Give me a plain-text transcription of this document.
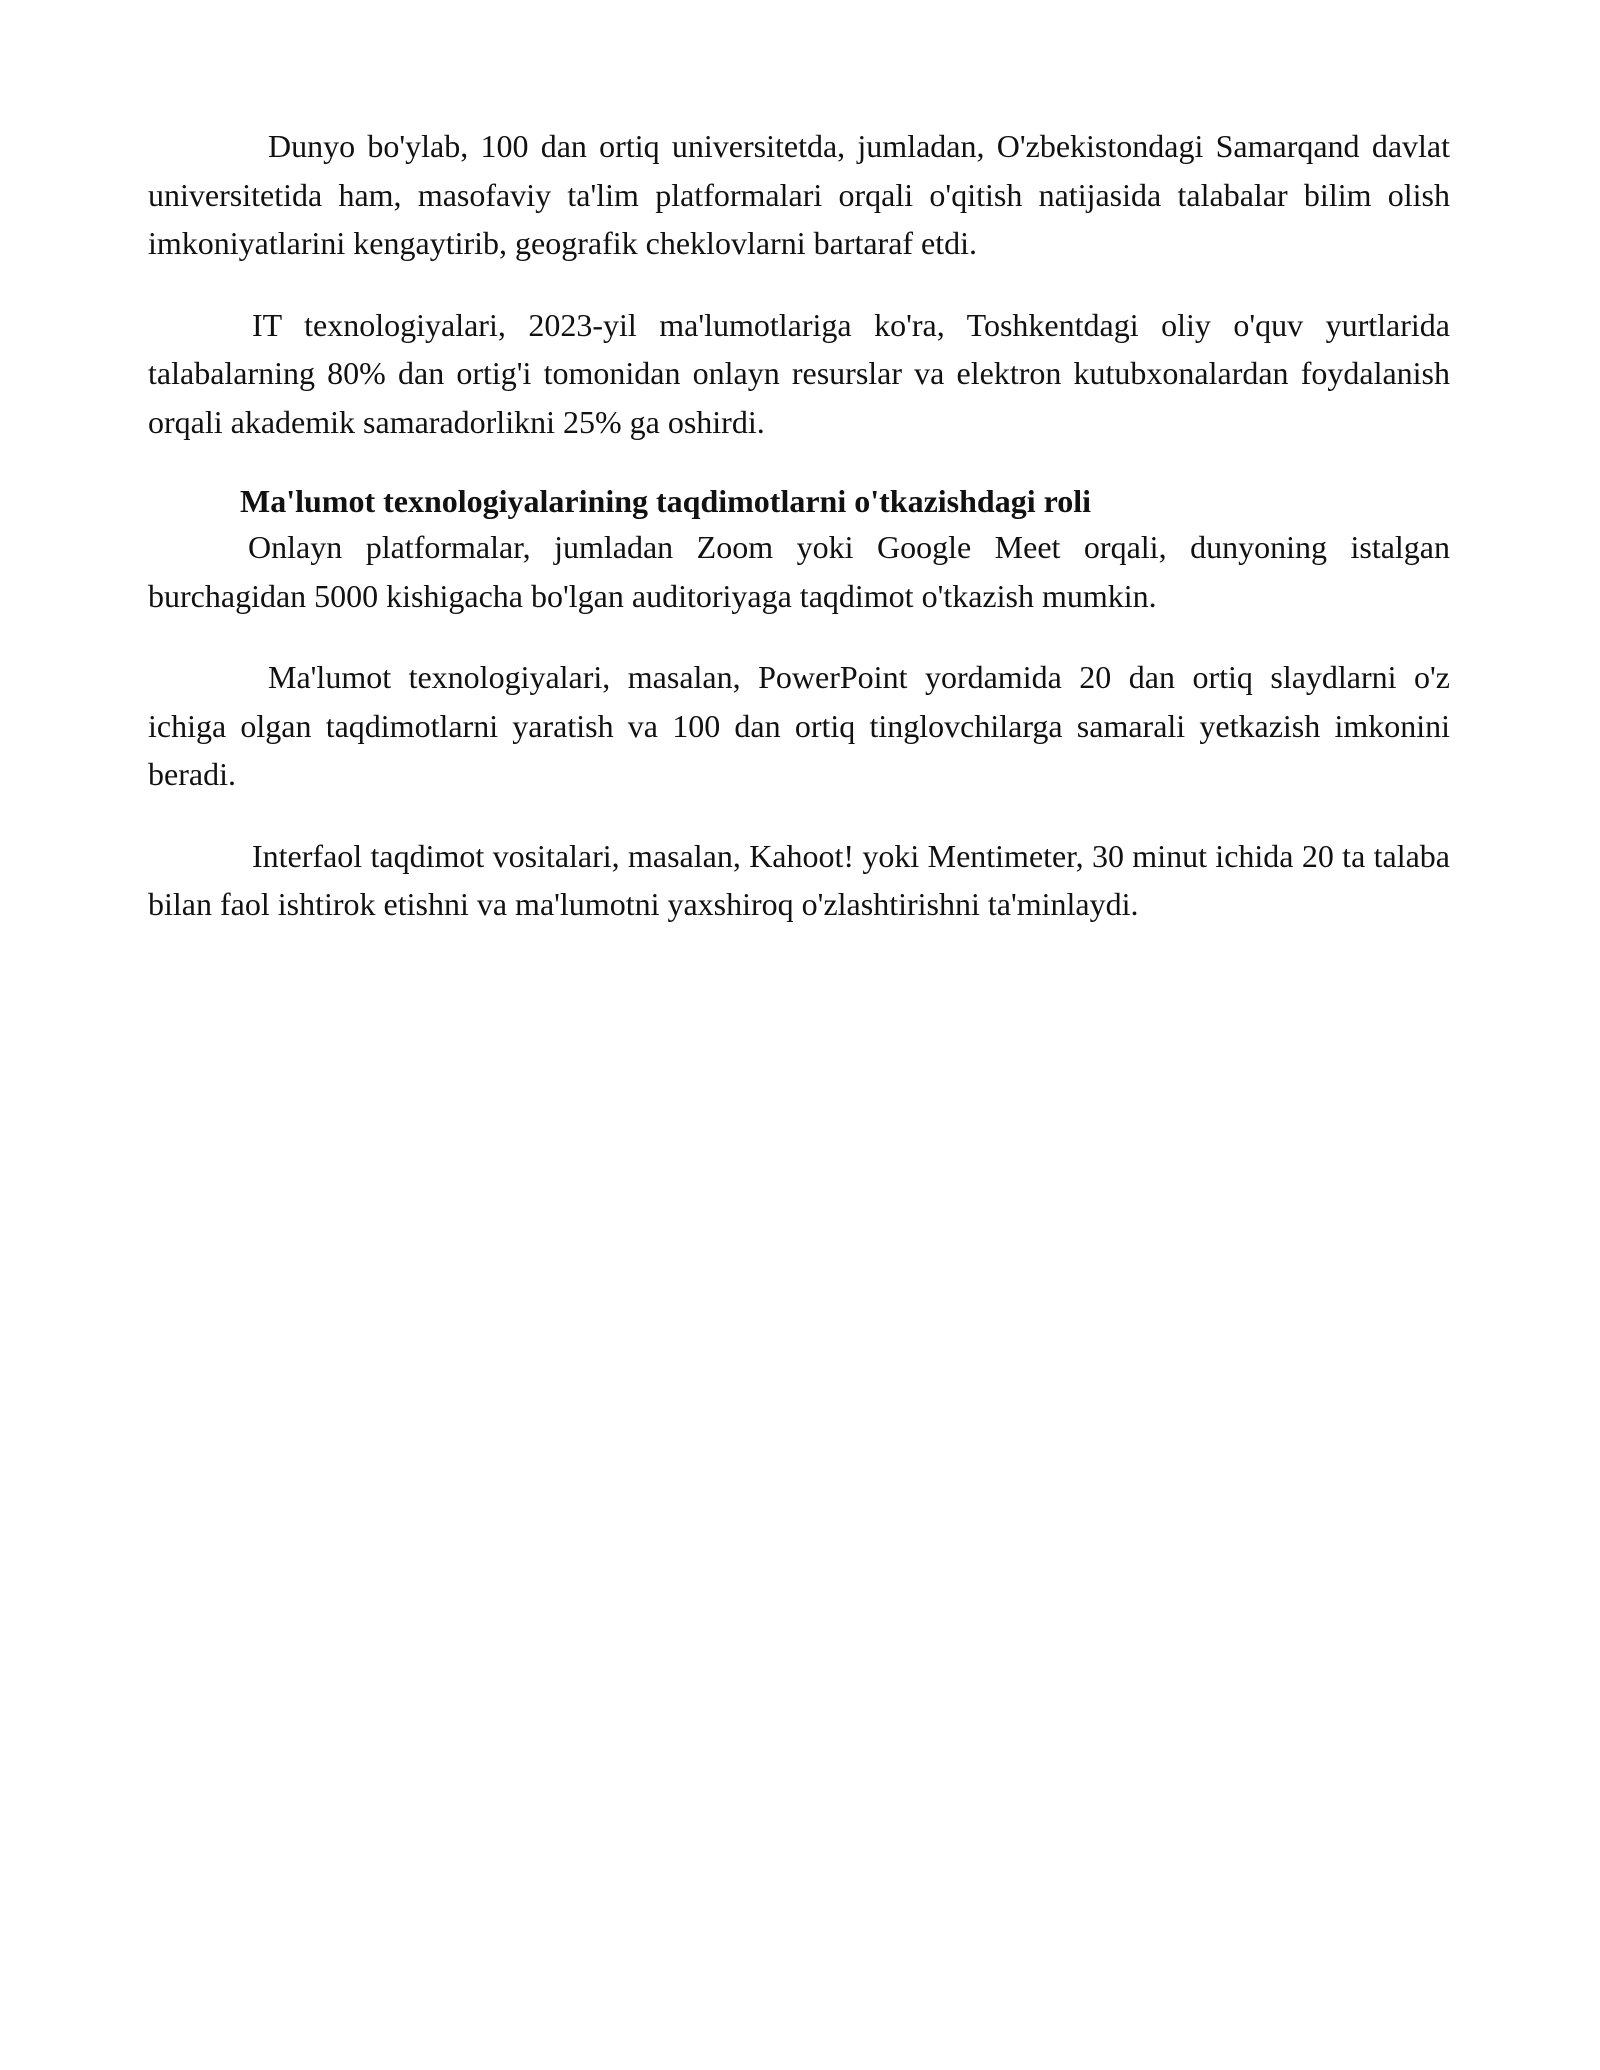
Dunyo bo'ylab, 100 dan ortiq universitetda, jumladan, O'zbekistondagi Samarqand davlat universitetida ham, masofaviy ta'lim platformalari orqali o'qitish natijasida talabalar bilim olish imkoniyatlarini kengaytirib, geografik cheklovlarni bartaraf etdi.

IT texnologiyalari, 2023-yil ma'lumotlariga ko'ra, Toshkentdagi oliy o'quv yurtlarida talabalarning 80% dan ortig'i tomonidan onlayn resurslar va elektron kutubxonalardan foydalanish orqali akademik samaradorlikni 25% ga oshirdi.

Ma'lumot texnologiyalarining taqdimotlarni o'tkazishdagi roli

Onlayn platformalar, jumladan Zoom yoki Google Meet orqali, dunyoning istalgan burchagidan 5000 kishigacha bo'lgan auditoriyaga taqdimot o'tkazish mumkin.

Ma'lumot texnologiyalari, masalan, PowerPoint yordamida 20 dan ortiq slaydlarni o'z ichiga olgan taqdimotlarni yaratish va 100 dan ortiq tinglovchilarga samarali yetkazish imkonini beradi.

Interfaol taqdimot vositalari, masalan, Kahoot! yoki Mentimeter, 30 minut ichida 20 ta talaba bilan faol ishtirok etishni va ma'lumotni yaxshiroq o'zlashtirishni ta'minlaydi.
